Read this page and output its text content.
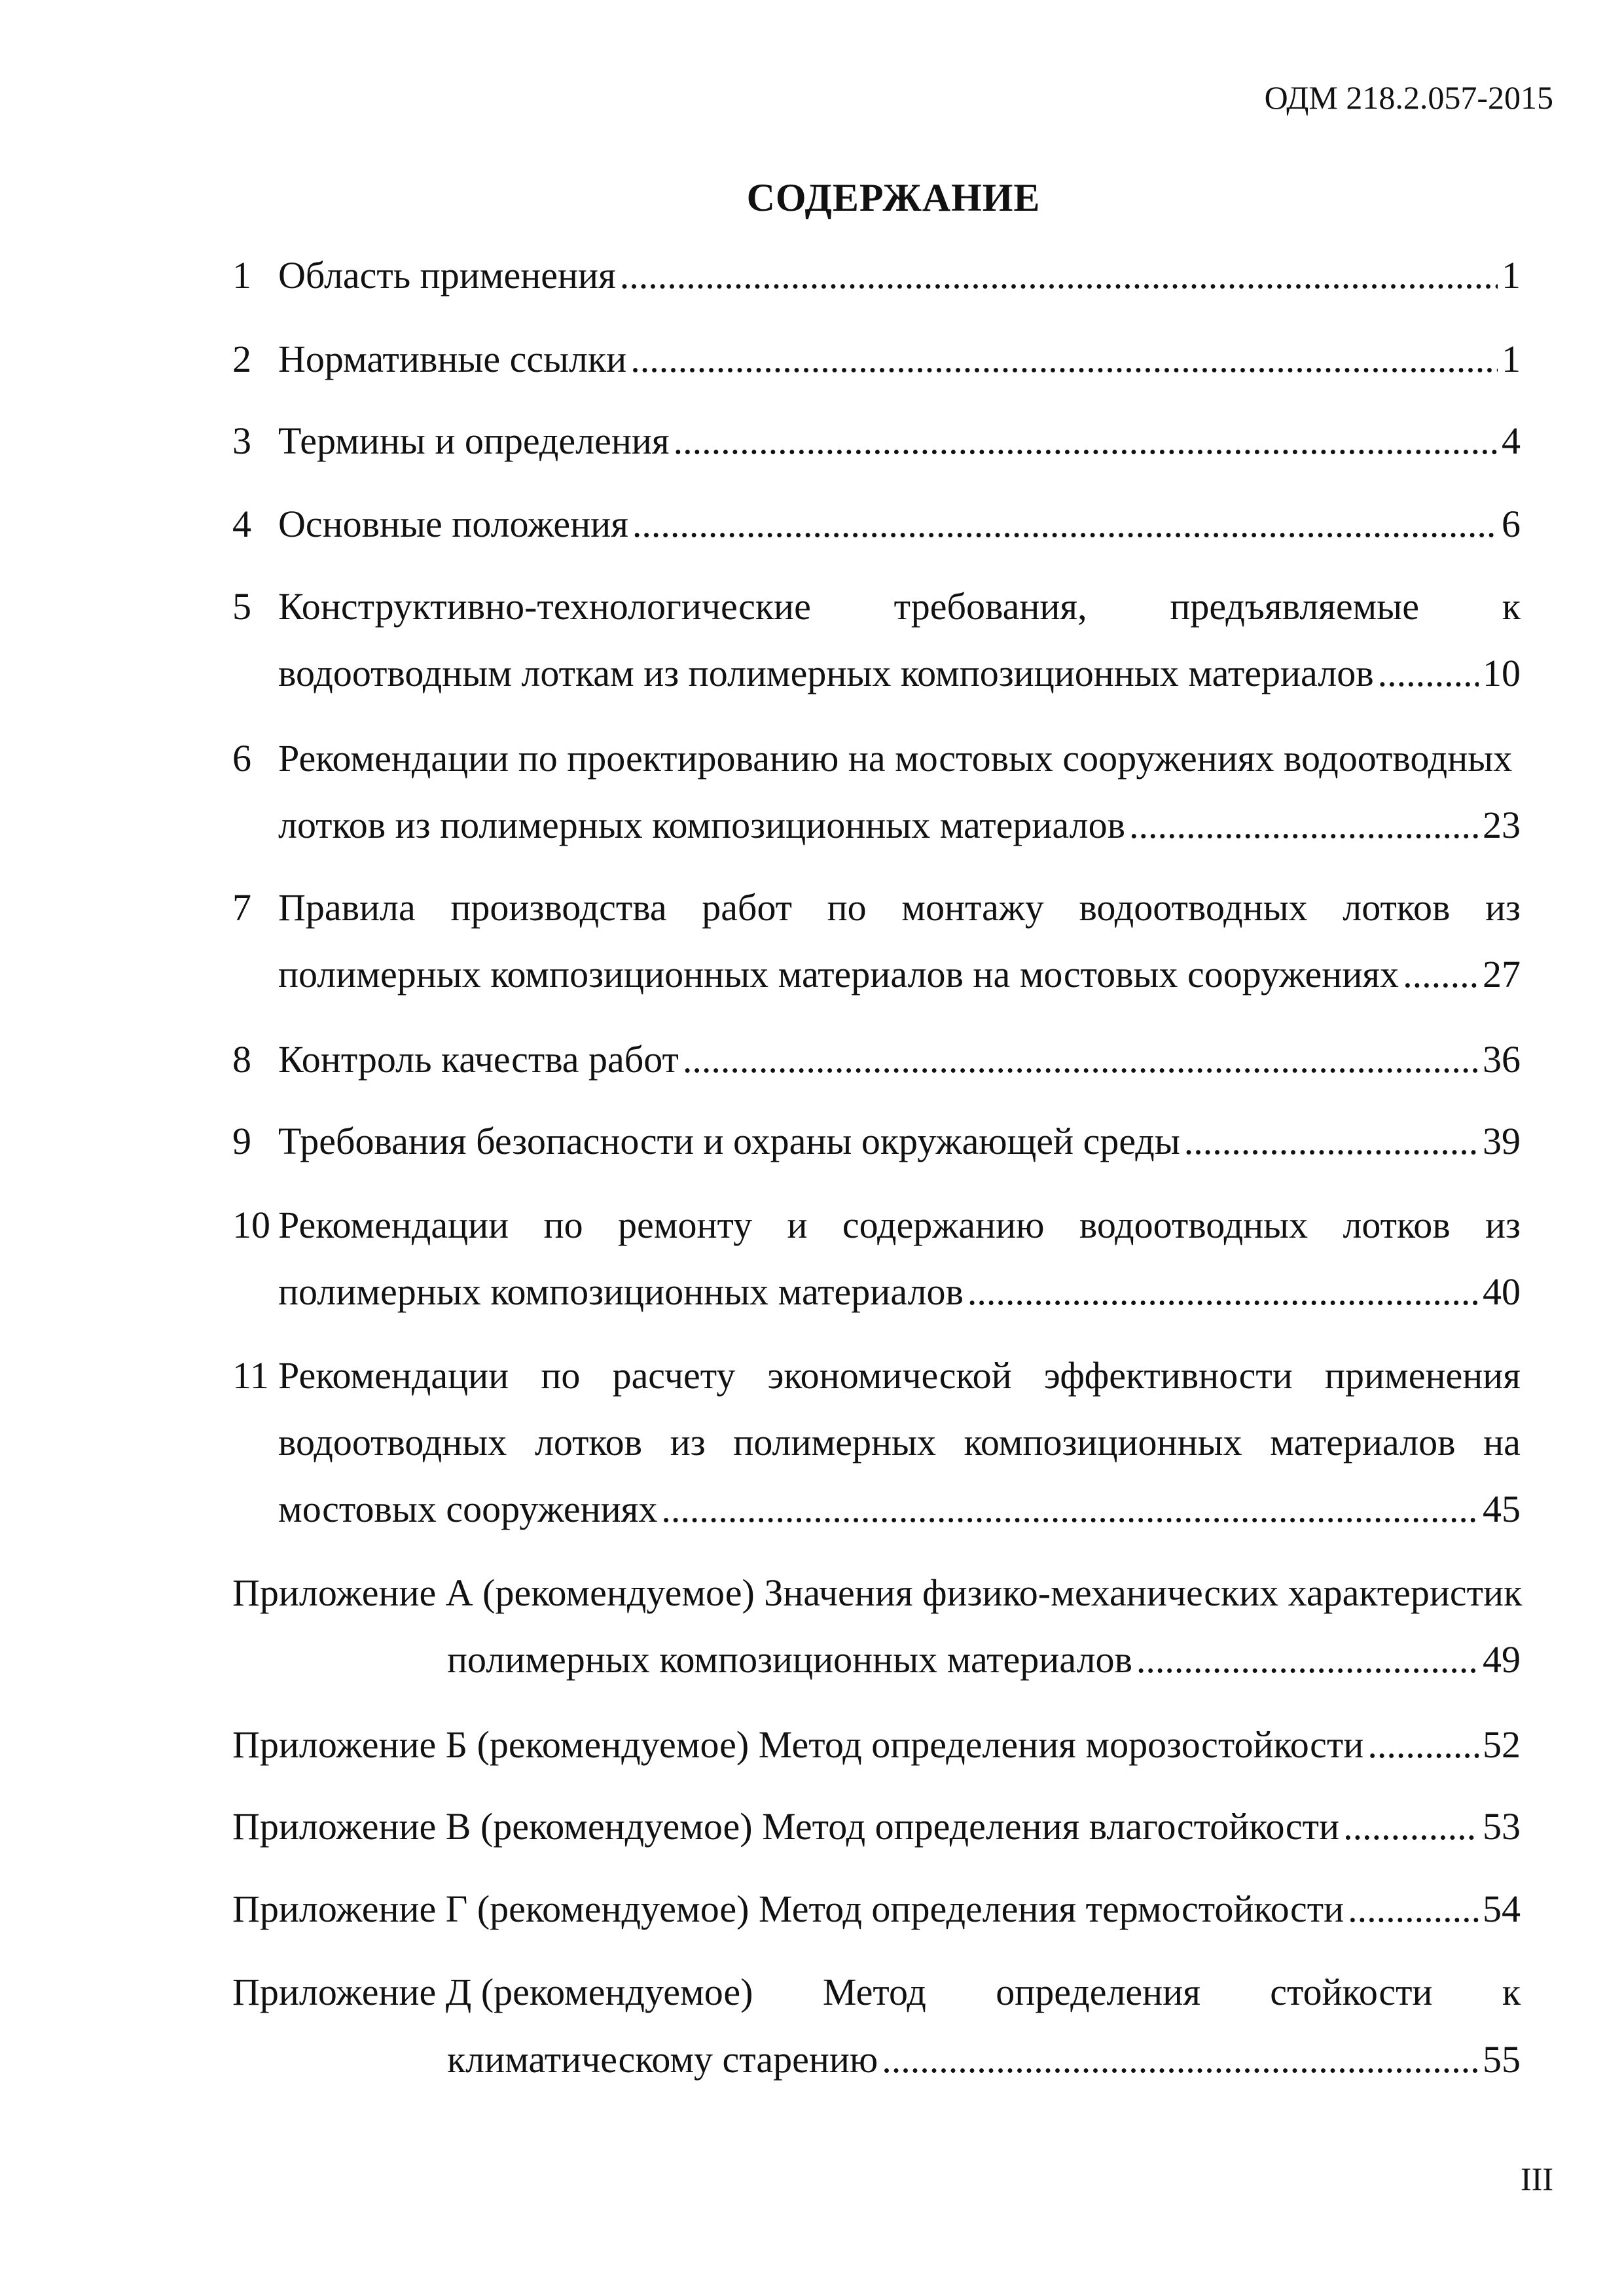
ОДМ 218.2.057-2015
СОДЕРЖАНИЕ
1 Область применения .....	1
2 Нормативные ссылки .....	1
3 Термины и определения .....	4
4 Основные положения .....	6
5 Конструктивно-технологические требования, предъявляемые к
водоотводным лоткам из полимерных композиционных материалов .....	10
6 Рекомендации по проектированию на мостовых сооружениях водоотводных
лотков из полимерных композиционных материалов .....	23
7 Правила производства работ по монтажу водоотводных лотков из
полимерных композиционных материалов на мостовых сооружениях ..... 27
8 Контроль качества работ .....	36
9 Требования безопасности и охраны окружающей среды .....	39
10 Рекомендации по ремонту и содержанию водоотводных лотков из
полимерных композиционных материалов .....	40
11 Рекомендации по расчету экономической эффективности применения
водоотводных лотков из полимерных композиционных материалов на
мостовых сооружениях .....	45
Приложение А (рекомендуемое) Значения физико-механических характеристик
полимерных композиционных материалов .....	49
Приложение Б (рекомендуемое) Метод определения морозостойкости .....	52
Приложение В (рекомендуемое) Метод определения влагостойкости .....	53
Приложение Г (рекомендуемое) Метод определения термостойкости .....	54
Приложение Д (рекомендуемое) Метод определения стойкости к
климатическому старению .....	55
III
